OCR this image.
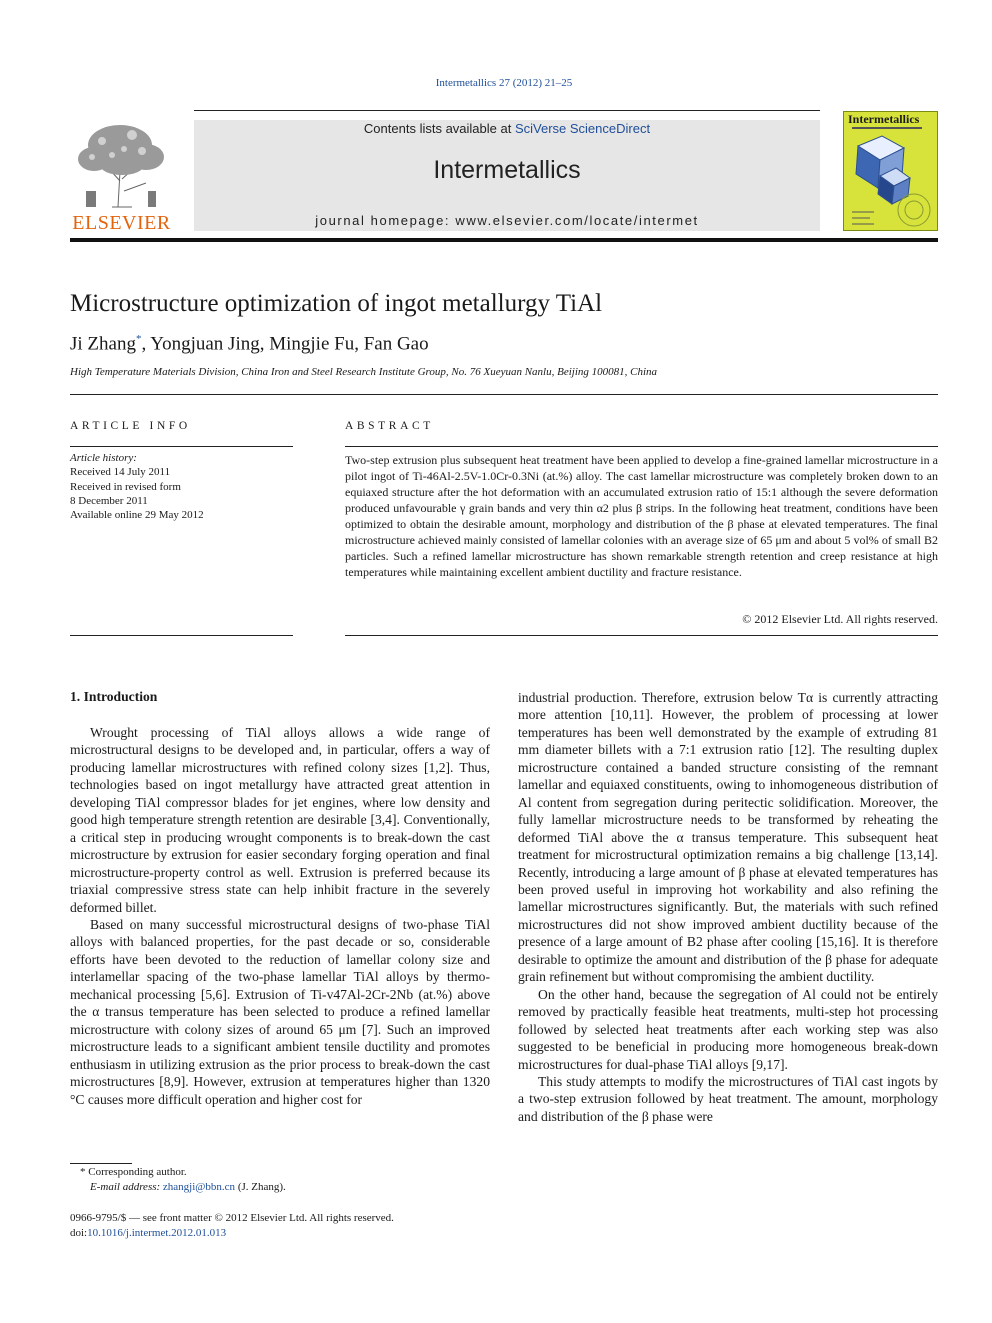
Intermetallics 27 (2012) 21–25
ELSEVIER
Contents lists available at SciVerse ScienceDirect
Intermetallics
journal homepage: www.elsevier.com/locate/intermet
Intermetallics
Microstructure optimization of ingot metallurgy TiAl
Ji Zhang*, Yongjuan Jing, Mingjie Fu, Fan Gao
High Temperature Materials Division, China Iron and Steel Research Institute Group, No. 76 Xueyuan Nanlu, Beijing 100081, China
ARTICLE INFO
Article history:
Received 14 July 2011
Received in revised form
8 December 2011
Available online 29 May 2012
ABSTRACT
Two-step extrusion plus subsequent heat treatment have been applied to develop a fine-grained lamellar microstructure in a pilot ingot of Ti-46Al-2.5V-1.0Cr-0.3Ni (at.%) alloy. The cast lamellar microstructure was completely broken down to an equiaxed structure after the hot deformation with an accumulated extrusion ratio of 15:1 although the severe deformation produced unfavourable γ grain bands and very thin α2 plus β strips. In the following heat treatment, conditions have been optimized to obtain the desirable amount, morphology and distribution of the β phase at elevated temperatures. The final microstructure achieved mainly consisted of lamellar colonies with an average size of 65 μm and about 5 vol% of small B2 particles. Such a refined lamellar microstructure has shown remarkable strength retention and creep resistance at high temperatures while maintaining excellent ambient ductility and fracture resistance.
© 2012 Elsevier Ltd. All rights reserved.
1. Introduction

Wrought processing of TiAl alloys allows a wide range of microstructural designs to be developed and, in particular, offers a way of producing lamellar microstructures with refined colony sizes [1,2]. Thus, technologies based on ingot metallurgy have attracted great attention in developing TiAl compressor blades for jet engines, where low density and good high temperature strength retention are desirable [3,4]. Conventionally, a critical step in producing wrought components is to break-down the cast microstructure by extrusion for easier secondary forging operation and final microstructure-property control as well. Extrusion is preferred because its triaxial compressive stress state can help inhibit fracture in the severely deformed billet.

Based on many successful microstructural designs of two-phase TiAl alloys with balanced properties, for the past decade or so, considerable efforts have been devoted to the reduction of lamellar colony size and interlamellar spacing of the two-phase lamellar TiAl alloys by thermo-mechanical processing [5,6]. Extrusion of Ti-v47Al-2Cr-2Nb (at.%) above the α transus temperature has been selected to produce a refined lamellar microstructure with colony sizes of around 65 μm [7]. Such an improved microstructure leads to a significant ambient tensile ductility and promotes enthusiasm in utilizing extrusion as the prior process to break-down the cast microstructures [8,9]. However, extrusion at temperatures higher than 1320 °C causes more difficult operation and higher cost for

industrial production. Therefore, extrusion below Tα is currently attracting more attention [10,11]. However, the problem of processing at lower temperatures has been well demonstrated by the example of extruding 81 mm diameter billets with a 7:1 extrusion ratio [12]. The resulting duplex microstructure contained a banded structure consisting of the remnant lamellar and equiaxed constituents, owing to inhomogeneous distribution of Al content from segregation during peritectic solidification. Moreover, the fully lamellar microstructure needs to be transformed by reheating the deformed TiAl above the α transus temperature. This subsequent heat treatment for microstructural optimization remains a big challenge [13,14]. Recently, introducing a large amount of β phase at elevated temperatures has been proved useful in improving hot workability and also refining the lamellar microstructures significantly. But, the materials with such refined microstructures did not show improved ambient ductility because of the presence of a large amount of B2 phase after cooling [15,16]. It is therefore desirable to optimize the amount and distribution of the β phase for adequate grain refinement but without compromising the ambient ductility.

On the other hand, because the segregation of Al could not be entirely removed by practically feasible heat treatments, multi-step hot processing followed by selected heat treatments after each working step was also suggested to be beneficial in producing more homogeneous break-down microstructures for dual-phase TiAl alloys [9,17].

This study attempts to modify the microstructures of TiAl cast ingots by a two-step extrusion followed by heat treatment. The amount, morphology and distribution of the β phase were

* Corresponding author.
E-mail address: zhangji@bbn.cn (J. Zhang).
0966-9795/$ — see front matter © 2012 Elsevier Ltd. All rights reserved.
doi:10.1016/j.intermet.2012.01.013
